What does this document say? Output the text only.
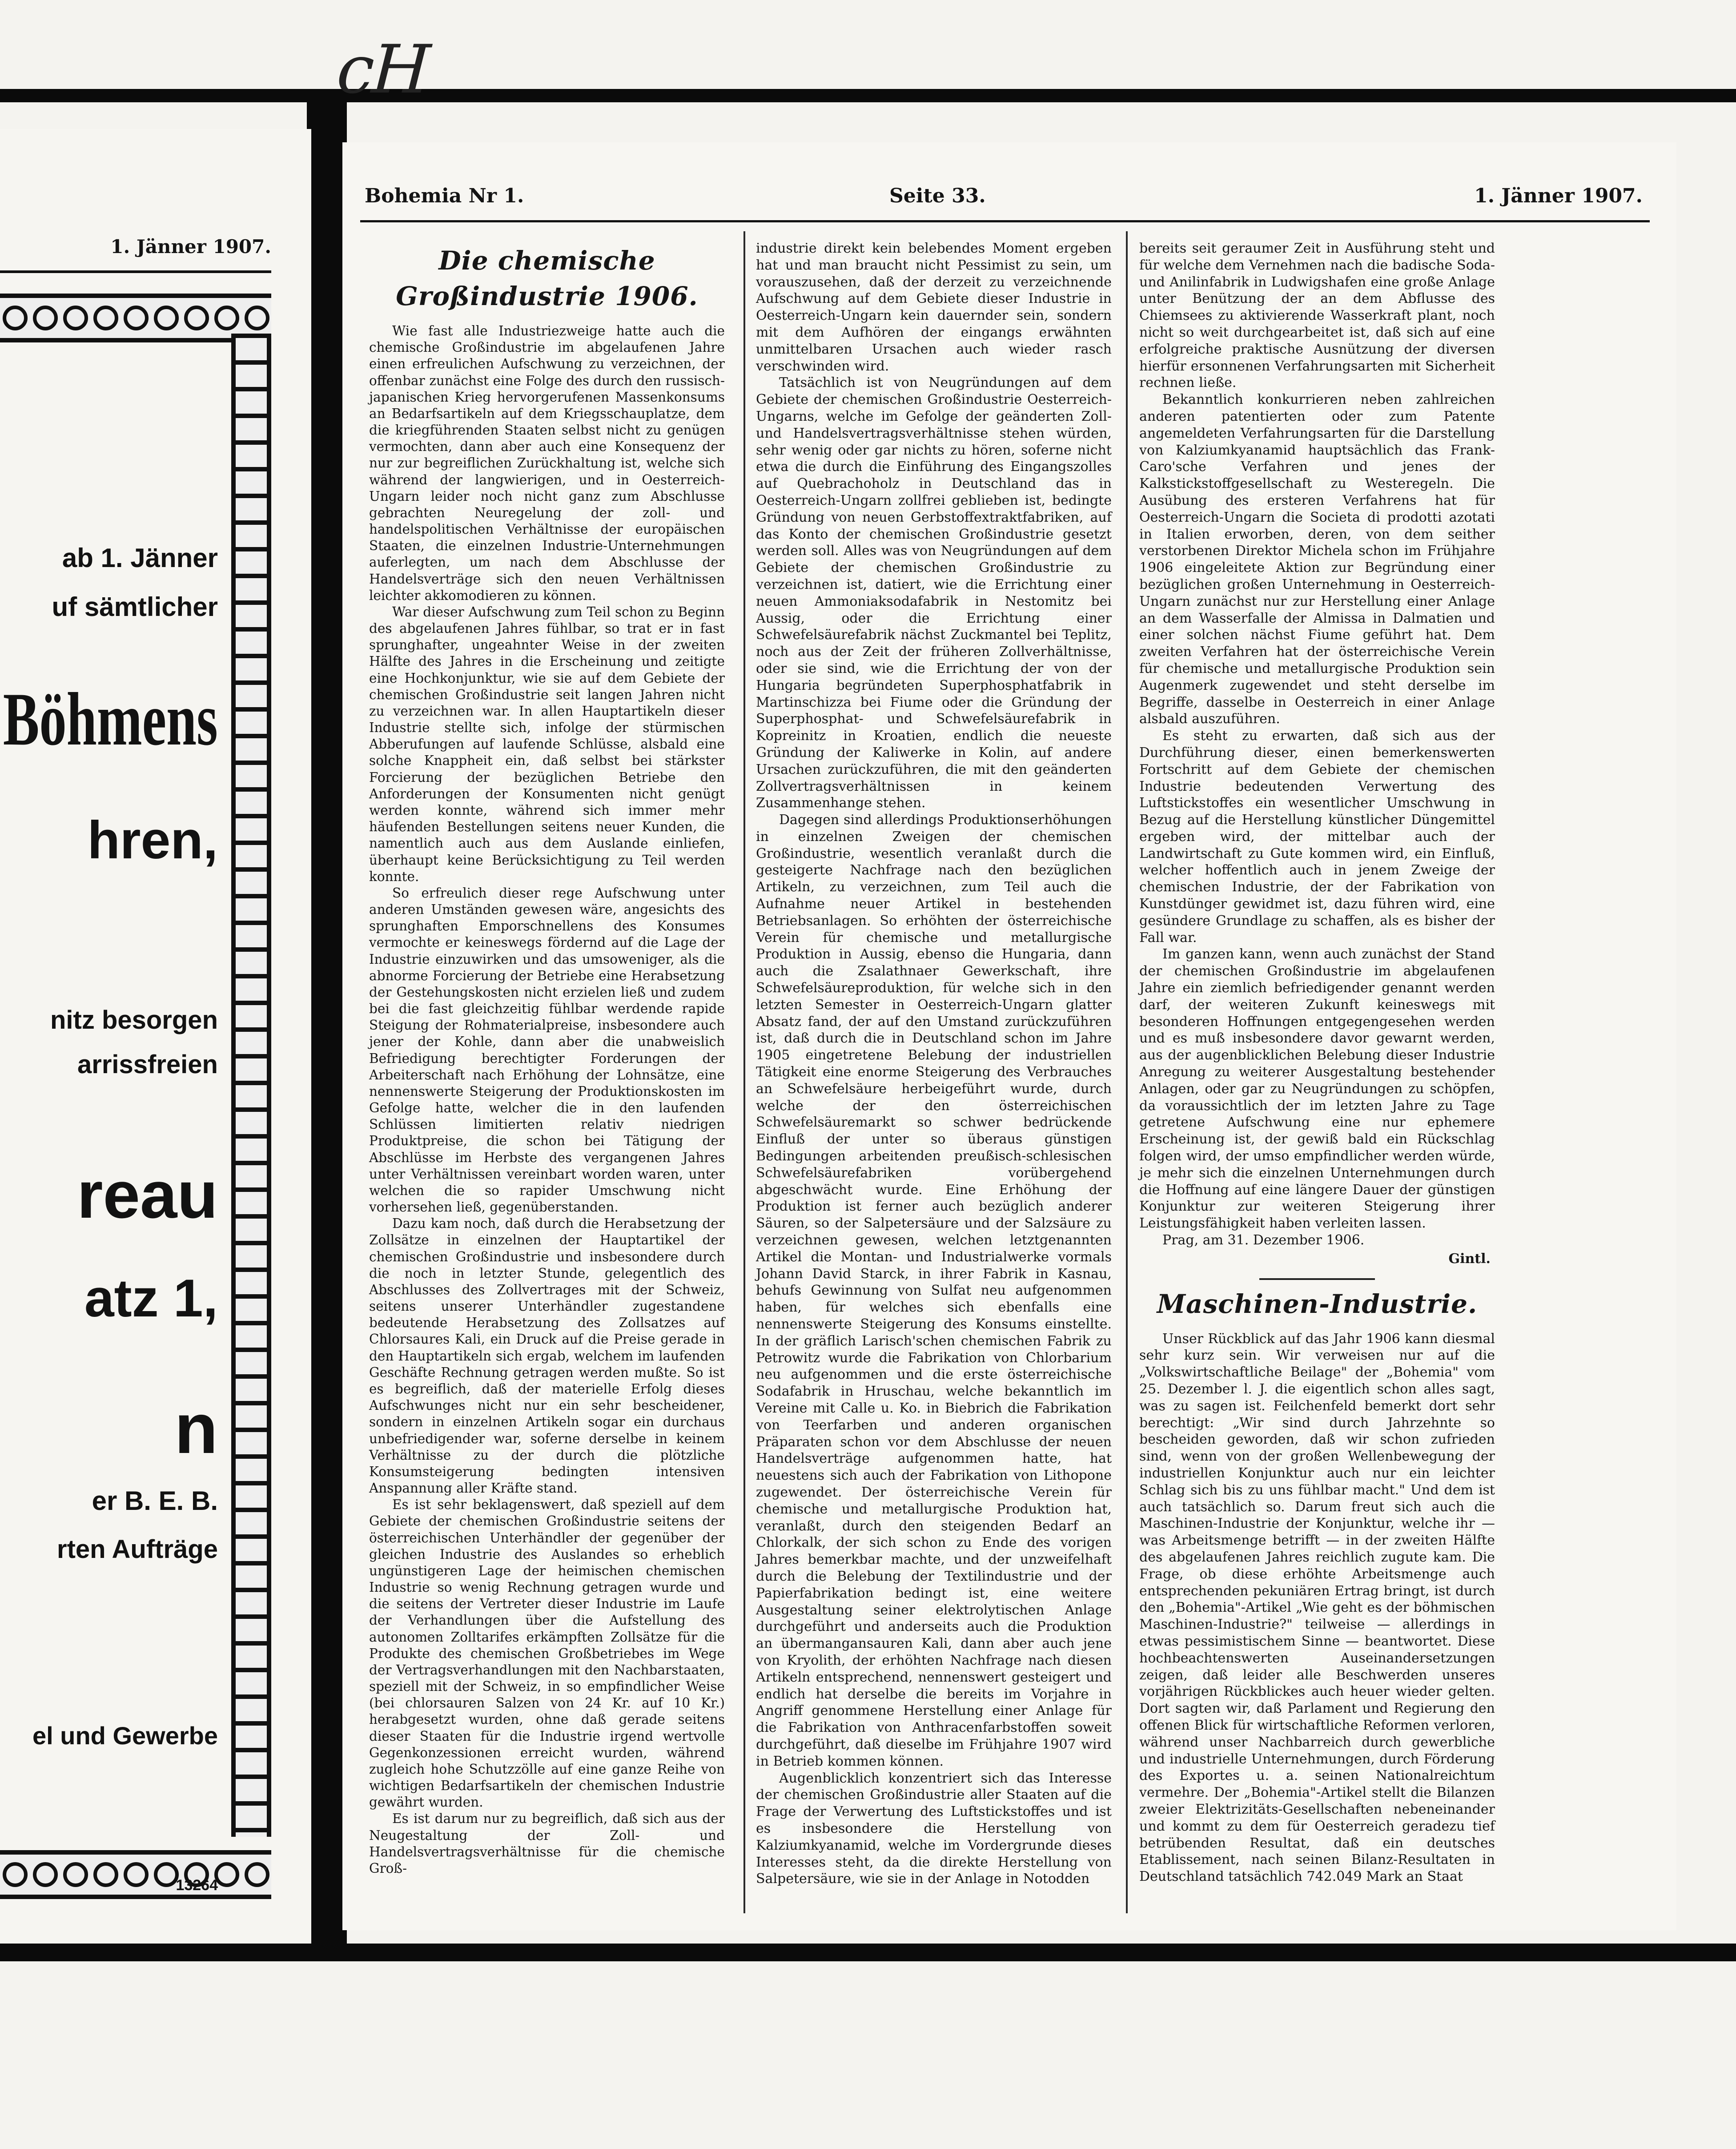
cH
1. Jänner 1907.
ab 1. Jänner
uf sämtlicher
Böhmens
hren,
nitz besorgen
arrissfreien
reau
atz 1,
n
er B. E. B.
rten Aufträge
el und Gewerbe
13264
Bohemia Nr 1.	Seite 33.	1. Jänner 1907.
Die chemische Großindustrie 1906.

Wie fast alle Industriezweige hatte auch die chemische Großindustrie im abgelaufenen Jahre einen erfreulichen Aufschwung zu verzeichnen, der offenbar zunächst eine Folge des durch den russisch-japanischen Krieg hervorgerufenen Massenkonsums an Bedarfsartikeln auf dem Kriegsschauplatze, dem die kriegführenden Staaten selbst nicht zu genügen vermochten, dann aber auch eine Konsequenz der nur zur begreiflichen Zurückhaltung ist, welche sich während der langwierigen, und in Oesterreich-Ungarn leider noch nicht ganz zum Abschlusse gebrachten Neuregelung der zoll- und handelspolitischen Verhältnisse der europäischen Staaten, die einzelnen Industrie-Unternehmungen auferlegten, um nach dem Abschlusse der Handelsverträge sich den neuen Verhältnissen leichter akkomodieren zu können.

War dieser Aufschwung zum Teil schon zu Beginn des abgelaufenen Jahres fühlbar, so trat er in fast sprunghafter, ungeahnter Weise in der zweiten Hälfte des Jahres in die Erscheinung und zeitigte eine Hochkonjunktur, wie sie auf dem Gebiete der chemischen Großindustrie seit langen Jahren nicht zu verzeichnen war. In allen Hauptartikeln dieser Industrie stellte sich, infolge der stürmischen Abberufungen auf laufende Schlüsse, alsbald eine solche Knappheit ein, daß selbst bei stärkster Forcierung der bezüglichen Betriebe den Anforderungen der Konsumenten nicht genügt werden konnte, während sich immer mehr häufenden Bestellungen seitens neuer Kunden, die namentlich auch aus dem Auslande einliefen, überhaupt keine Berücksichtigung zu Teil werden konnte.

So erfreulich dieser rege Aufschwung unter anderen Umständen gewesen wäre, angesichts des sprunghaften Emporschnellens des Konsumes vermochte er keineswegs fördernd auf die Lage der Industrie einzuwirken und das umsoweniger, als die abnorme Forcierung der Betriebe eine Herabsetzung der Gestehungskosten nicht erzielen ließ und zudem bei die fast gleichzeitig fühlbar werdende rapide Steigung der Rohmaterialpreise, insbesondere auch jener der Kohle, dann aber die unabweislich Befriedigung berechtigter Forderungen der Arbeiterschaft nach Erhöhung der Lohnsätze, eine nennenswerte Steigerung der Produktionskosten im Gefolge hatte, welcher die in den laufenden Schlüssen limitierten relativ niedrigen Produktpreise, die schon bei Tätigung der Abschlüsse im Herbste des vergangenen Jahres unter Verhältnissen vereinbart worden waren, unter welchen die so rapider Umschwung nicht vorhersehen ließ, gegenüberstanden.

Dazu kam noch, daß durch die Herabsetzung der Zollsätze in einzelnen der Hauptartikel der chemischen Großindustrie und insbesondere durch die noch in letzter Stunde, gelegentlich des Abschlusses des Zollvertrages mit der Schweiz, seitens unserer Unterhändler zugestandene bedeutende Herabsetzung des Zollsatzes auf Chlorsaures Kali, ein Druck auf die Preise gerade in den Hauptartikeln sich ergab, welchem im laufenden Geschäfte Rechnung getragen werden mußte. So ist es begreiflich, daß der materielle Erfolg dieses Aufschwunges nicht nur ein sehr bescheidener, sondern in einzelnen Artikeln sogar ein durchaus unbefriedigender war, soferne derselbe in keinem Verhältnisse zu der durch die plötzliche Konsumsteigerung bedingten intensiven Anspannung aller Kräfte stand.

Es ist sehr beklagenswert, daß speziell auf dem Gebiete der chemischen Großindustrie seitens der österreichischen Unterhändler der gegenüber der gleichen Industrie des Auslandes so erheblich ungünstigeren Lage der heimischen chemischen Industrie so wenig Rechnung getragen wurde und die seitens der Vertreter dieser Industrie im Laufe der Verhandlungen über die Aufstellung des autonomen Zolltarifes erkämpften Zollsätze für die Produkte des chemischen Großbetriebes im Wege der Vertragsverhandlungen mit den Nachbarstaaten, speziell mit der Schweiz, in so empfindlicher Weise (bei chlorsauren Salzen von 24 Kr. auf 10 Kr.) herabgesetzt wurden, ohne daß gerade seitens dieser Staaten für die Industrie irgend wertvolle Gegenkonzessionen erreicht wurden, während zugleich hohe Schutzzölle auf eine ganze Reihe von wichtigen Bedarfsartikeln der chemischen Industrie gewährt wurden.

Es ist darum nur zu begreiflich, daß sich aus der Neugestaltung der Zoll- und Handelsvertragsverhältnisse für die chemische Groß-

industrie direkt kein belebendes Moment ergeben hat und man braucht nicht Pessimist zu sein, um vorauszusehen, daß der derzeit zu verzeichnende Aufschwung auf dem Gebiete dieser Industrie in Oesterreich-Ungarn kein dauernder sein, sondern mit dem Aufhören der eingangs erwähnten unmittelbaren Ursachen auch wieder rasch verschwinden wird.

Tatsächlich ist von Neugründungen auf dem Gebiete der chemischen Großindustrie Oesterreich-Ungarns, welche im Gefolge der geänderten Zoll- und Handelsvertragsverhältnisse stehen würden, sehr wenig oder gar nichts zu hören, soferne nicht etwa die durch die Einführung des Eingangszolles auf Quebrachoholz in Deutschland das in Oesterreich-Ungarn zollfrei geblieben ist, bedingte Gründung von neuen Gerbstoffextraktfabriken, auf das Konto der chemischen Großindustrie gesetzt werden soll. Alles was von Neugründungen auf dem Gebiete der chemischen Großindustrie zu verzeichnen ist, datiert, wie die Errichtung einer neuen Ammoniaksodafabrik in Nestomitz bei Aussig, oder die Errichtung einer Schwefelsäurefabrik nächst Zuckmantel bei Teplitz, noch aus der Zeit der früheren Zollverhältnisse, oder sie sind, wie die Errichtung der von der Hungaria begründeten Superphosphatfabrik in Martinschizza bei Fiume oder die Gründung der Superphosphat- und Schwefelsäurefabrik in Kopreinitz in Kroatien, endlich die neueste Gründung der Kaliwerke in Kolin, auf andere Ursachen zurückzuführen, die mit den geänderten Zollvertragsverhältnissen in keinem Zusammenhange stehen.

Dagegen sind allerdings Produktionserhöhungen in einzelnen Zweigen der chemischen Großindustrie, wesentlich veranlaßt durch die gesteigerte Nachfrage nach den bezüglichen Artikeln, zu verzeichnen, zum Teil auch die Aufnahme neuer Artikel in bestehenden Betriebsanlagen. So erhöhten der österreichische Verein für chemische und metallurgische Produktion in Aussig, ebenso die Hungaria, dann auch die Zsalathnaer Gewerkschaft, ihre Schwefelsäureproduktion, für welche sich in den letzten Semester in Oesterreich-Ungarn glatter Absatz fand, der auf den Umstand zurückzuführen ist, daß durch die in Deutschland schon im Jahre 1905 eingetretene Belebung der industriellen Tätigkeit eine enorme Steigerung des Verbrauches an Schwefelsäure herbeigeführt wurde, durch welche der den österreichischen Schwefelsäuremarkt so schwer bedrückende Einfluß der unter so überaus günstigen Bedingungen arbeitenden preußisch-schlesischen Schwefelsäurefabriken vorübergehend abgeschwächt wurde. Eine Erhöhung der Produktion ist ferner auch bezüglich anderer Säuren, so der Salpetersäure und der Salzsäure zu verzeichnen gewesen, welchen letztgenannten Artikel die Montan- und Industrialwerke vormals Johann David Starck, in ihrer Fabrik in Kasnau, behufs Gewinnung von Sulfat neu aufgenommen haben, für welches sich ebenfalls eine nennenswerte Steigerung des Konsums einstellte. In der gräflich Larisch'schen chemischen Fabrik zu Petrowitz wurde die Fabrikation von Chlorbarium neu aufgenommen und die erste österreichische Sodafabrik in Hruschau, welche bekanntlich im Vereine mit Calle u. Ko. in Biebrich die Fabrikation von Teerfarben und anderen organischen Präparaten schon vor dem Abschlusse der neuen Handelsverträge aufgenommen hatte, hat neuestens sich auch der Fabrikation von Lithopone zugewendet. Der österreichische Verein für chemische und metallurgische Produktion hat, veranlaßt, durch den steigenden Bedarf an Chlorkalk, der sich schon zu Ende des vorigen Jahres bemerkbar machte, und der unzweifelhaft durch die Belebung der Textilindustrie und der Papierfabrikation bedingt ist, eine weitere Ausgestaltung seiner elektrolytischen Anlage durchgeführt und anderseits auch die Produktion an übermangansauren Kali, dann aber auch jene von Kryolith, der erhöhten Nachfrage nach diesen Artikeln entsprechend, nennenswert gesteigert und endlich hat derselbe die bereits im Vorjahre in Angriff genommene Herstellung einer Anlage für die Fabrikation von Anthracenfarbstoffen soweit durchgeführt, daß dieselbe im Frühjahre 1907 wird in Betrieb kommen können.

Augenblicklich konzentriert sich das Interesse der chemischen Großindustrie aller Staaten auf die Frage der Verwertung des Luftstickstoffes und ist es insbesondere die Herstellung von Kalziumkyanamid, welche im Vordergrunde dieses Interesses steht, da die direkte Herstellung von Salpetersäure, wie sie in der Anlage in Notodden

bereits seit geraumer Zeit in Ausführung steht und für welche dem Vernehmen nach die badische Soda- und Anilinfabrik in Ludwigshafen eine große Anlage unter Benützung der an dem Abflusse des Chiemsees zu aktivierende Wasserkraft plant, noch nicht so weit durchgearbeitet ist, daß sich auf eine erfolgreiche praktische Ausnützung der diversen hierfür ersonnenen Verfahrungsarten mit Sicherheit rechnen ließe.

Bekanntlich konkurrieren neben zahlreichen anderen patentierten oder zum Patente angemeldeten Verfahrungsarten für die Darstellung von Kalziumkyanamid hauptsächlich das Frank-Caro'sche Verfahren und jenes der Kalkstickstoffgesellschaft zu Westeregeln. Die Ausübung des ersteren Verfahrens hat für Oesterreich-Ungarn die Societa di prodotti azotati in Italien erworben, deren, von dem seither verstorbenen Direktor Michela schon im Frühjahre 1906 eingeleitete Aktion zur Begründung einer bezüglichen großen Unternehmung in Oesterreich-Ungarn zunächst nur zur Herstellung einer Anlage an dem Wasserfalle der Almissa in Dalmatien und einer solchen nächst Fiume geführt hat. Dem zweiten Verfahren hat der österreichische Verein für chemische und metallurgische Produktion sein Augenmerk zugewendet und steht derselbe im Begriffe, dasselbe in Oesterreich in einer Anlage alsbald auszuführen.

Es steht zu erwarten, daß sich aus der Durchführung dieser, einen bemerkenswerten Fortschritt auf dem Gebiete der chemischen Industrie bedeutenden Verwertung des Luftstickstoffes ein wesentlicher Umschwung in Bezug auf die Herstellung künstlicher Düngemittel ergeben wird, der mittelbar auch der Landwirtschaft zu Gute kommen wird, ein Einfluß, welcher hoffentlich auch in jenem Zweige der chemischen Industrie, der der Fabrikation von Kunstdünger gewidmet ist, dazu führen wird, eine gesündere Grundlage zu schaffen, als es bisher der Fall war.

Im ganzen kann, wenn auch zunächst der Stand der chemischen Großindustrie im abgelaufenen Jahre ein ziemlich befriedigender genannt werden darf, der weiteren Zukunft keineswegs mit besonderen Hoffnungen entgegengesehen werden und es muß insbesondere davor gewarnt werden, aus der augenblicklichen Belebung dieser Industrie Anregung zu weiterer Ausgestaltung bestehender Anlagen, oder gar zu Neugründungen zu schöpfen, da voraussichtlich der im letzten Jahre zu Tage getretene Aufschwung eine nur ephemere Erscheinung ist, der gewiß bald ein Rückschlag folgen wird, der umso empfindlicher werden würde, je mehr sich die einzelnen Unternehmungen durch die Hoffnung auf eine längere Dauer der günstigen Konjunktur zur weiteren Steigerung ihrer Leistungsfähigkeit haben verleiten lassen.

Prag, am 31. Dezember 1906.

Gintl.
Maschinen-Industrie.

Unser Rückblick auf das Jahr 1906 kann diesmal sehr kurz sein. Wir verweisen nur auf die „Volkswirtschaftliche Beilage" der „Bohemia" vom 25. Dezember l. J. die eigentlich schon alles sagt, was zu sagen ist. Feilchenfeld bemerkt dort sehr berechtigt: „Wir sind durch Jahrzehnte so bescheiden geworden, daß wir schon zufrieden sind, wenn von der großen Wellenbewegung der industriellen Konjunktur auch nur ein leichter Schlag sich bis zu uns fühlbar macht." Und dem ist auch tatsächlich so. Darum freut sich auch die Maschinen-Industrie der Konjunktur, welche ihr — was Arbeitsmenge betrifft — in der zweiten Hälfte des abgelaufenen Jahres reichlich zugute kam. Die Frage, ob diese erhöhte Arbeitsmenge auch entsprechenden pekuniären Ertrag bringt, ist durch den „Bohemia"-Artikel „Wie geht es der böhmischen Maschinen-Industrie?" teilweise — allerdings in etwas pessimistischem Sinne — beantwortet. Diese hochbeachtenswerten Auseinandersetzungen zeigen, daß leider alle Beschwerden unseres vorjährigen Rückblickes auch heuer wieder gelten. Dort sagten wir, daß Parlament und Regierung den offenen Blick für wirtschaftliche Reformen verloren, während unser Nachbarreich durch gewerbliche und industrielle Unternehmungen, durch Förderung des Exportes u. a. seinen Nationalreichtum vermehre. Der „Bohemia"-Artikel stellt die Bilanzen zweier Elektrizitäts-Gesellschaften nebeneinander und kommt zu dem für Oesterreich geradezu tief betrübenden Resultat, daß ein deutsches Etablissement, nach seinen Bilanz-Resultaten in Deutschland tatsächlich 742.049 Mark an Staat
